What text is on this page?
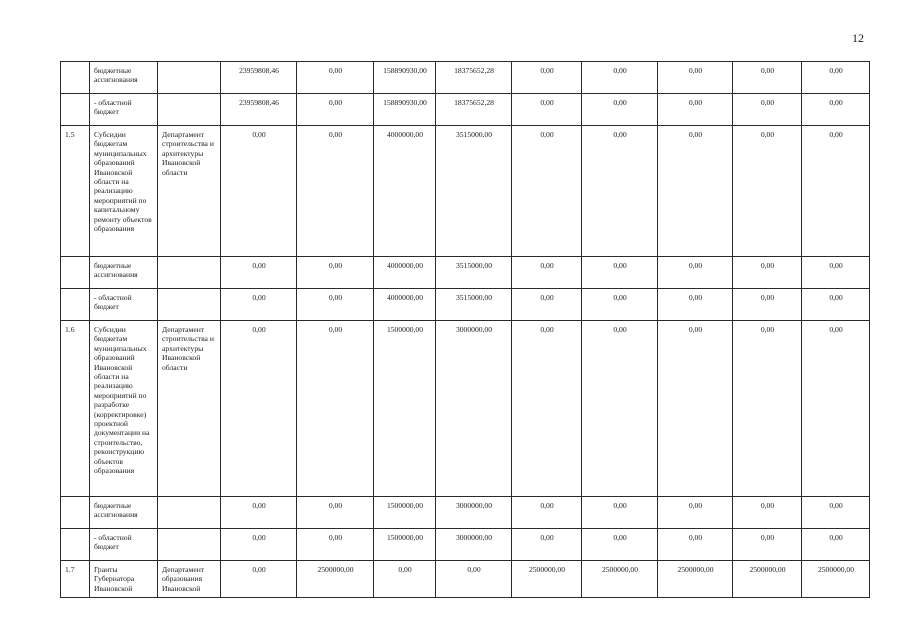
12
	бюджетные ассигнования		23959808,46	0,00	158890930,00	18375652,28	0,00	0,00	0,00	0,00	0,00
	- областной бюджет		23959808,46	0,00	158890930,00	18375652,28	0,00	0,00	0,00	0,00	0,00
1.5	Субсидии бюджетам муниципальных образований Ивановской области на реализацию мероприятий по капитальному ремонту объектов образования	Департамент строительства и архитектуры Ивановской области	0,00	0,00	4000000,00	3515000,00	0,00	0,00	0,00	0,00	0,00
	бюджетные ассигнования		0,00	0,00	4000000,00	3515000,00	0,00	0,00	0,00	0,00	0,00
	- областной бюджет		0,00	0,00	4000000,00	3515000,00	0,00	0,00	0,00	0,00	0,00
1.6	Субсидии бюджетам муниципальных образований Ивановской области на реализацию мероприятий по разработке (корректировке) проектной документации на строительство, реконструкцию объектов образования	Департамент строительства и архитектуры Ивановской области	0,00	0,00	1500000,00	3000000,00	0,00	0,00	0,00	0,00	0,00
	бюджетные ассигнования		0,00	0,00	1500000,00	3000000,00	0,00	0,00	0,00	0,00	0,00
	- областной бюджет		0,00	0,00	1500000,00	3000000,00	0,00	0,00	0,00	0,00	0,00
1.7	Гранты Губернатора Ивановской	Департамент образования Ивановской	0,00	2500000,00	0,00	0,00	2500000,00	2500000,00	2500000,00	2500000,00	2500000,00
